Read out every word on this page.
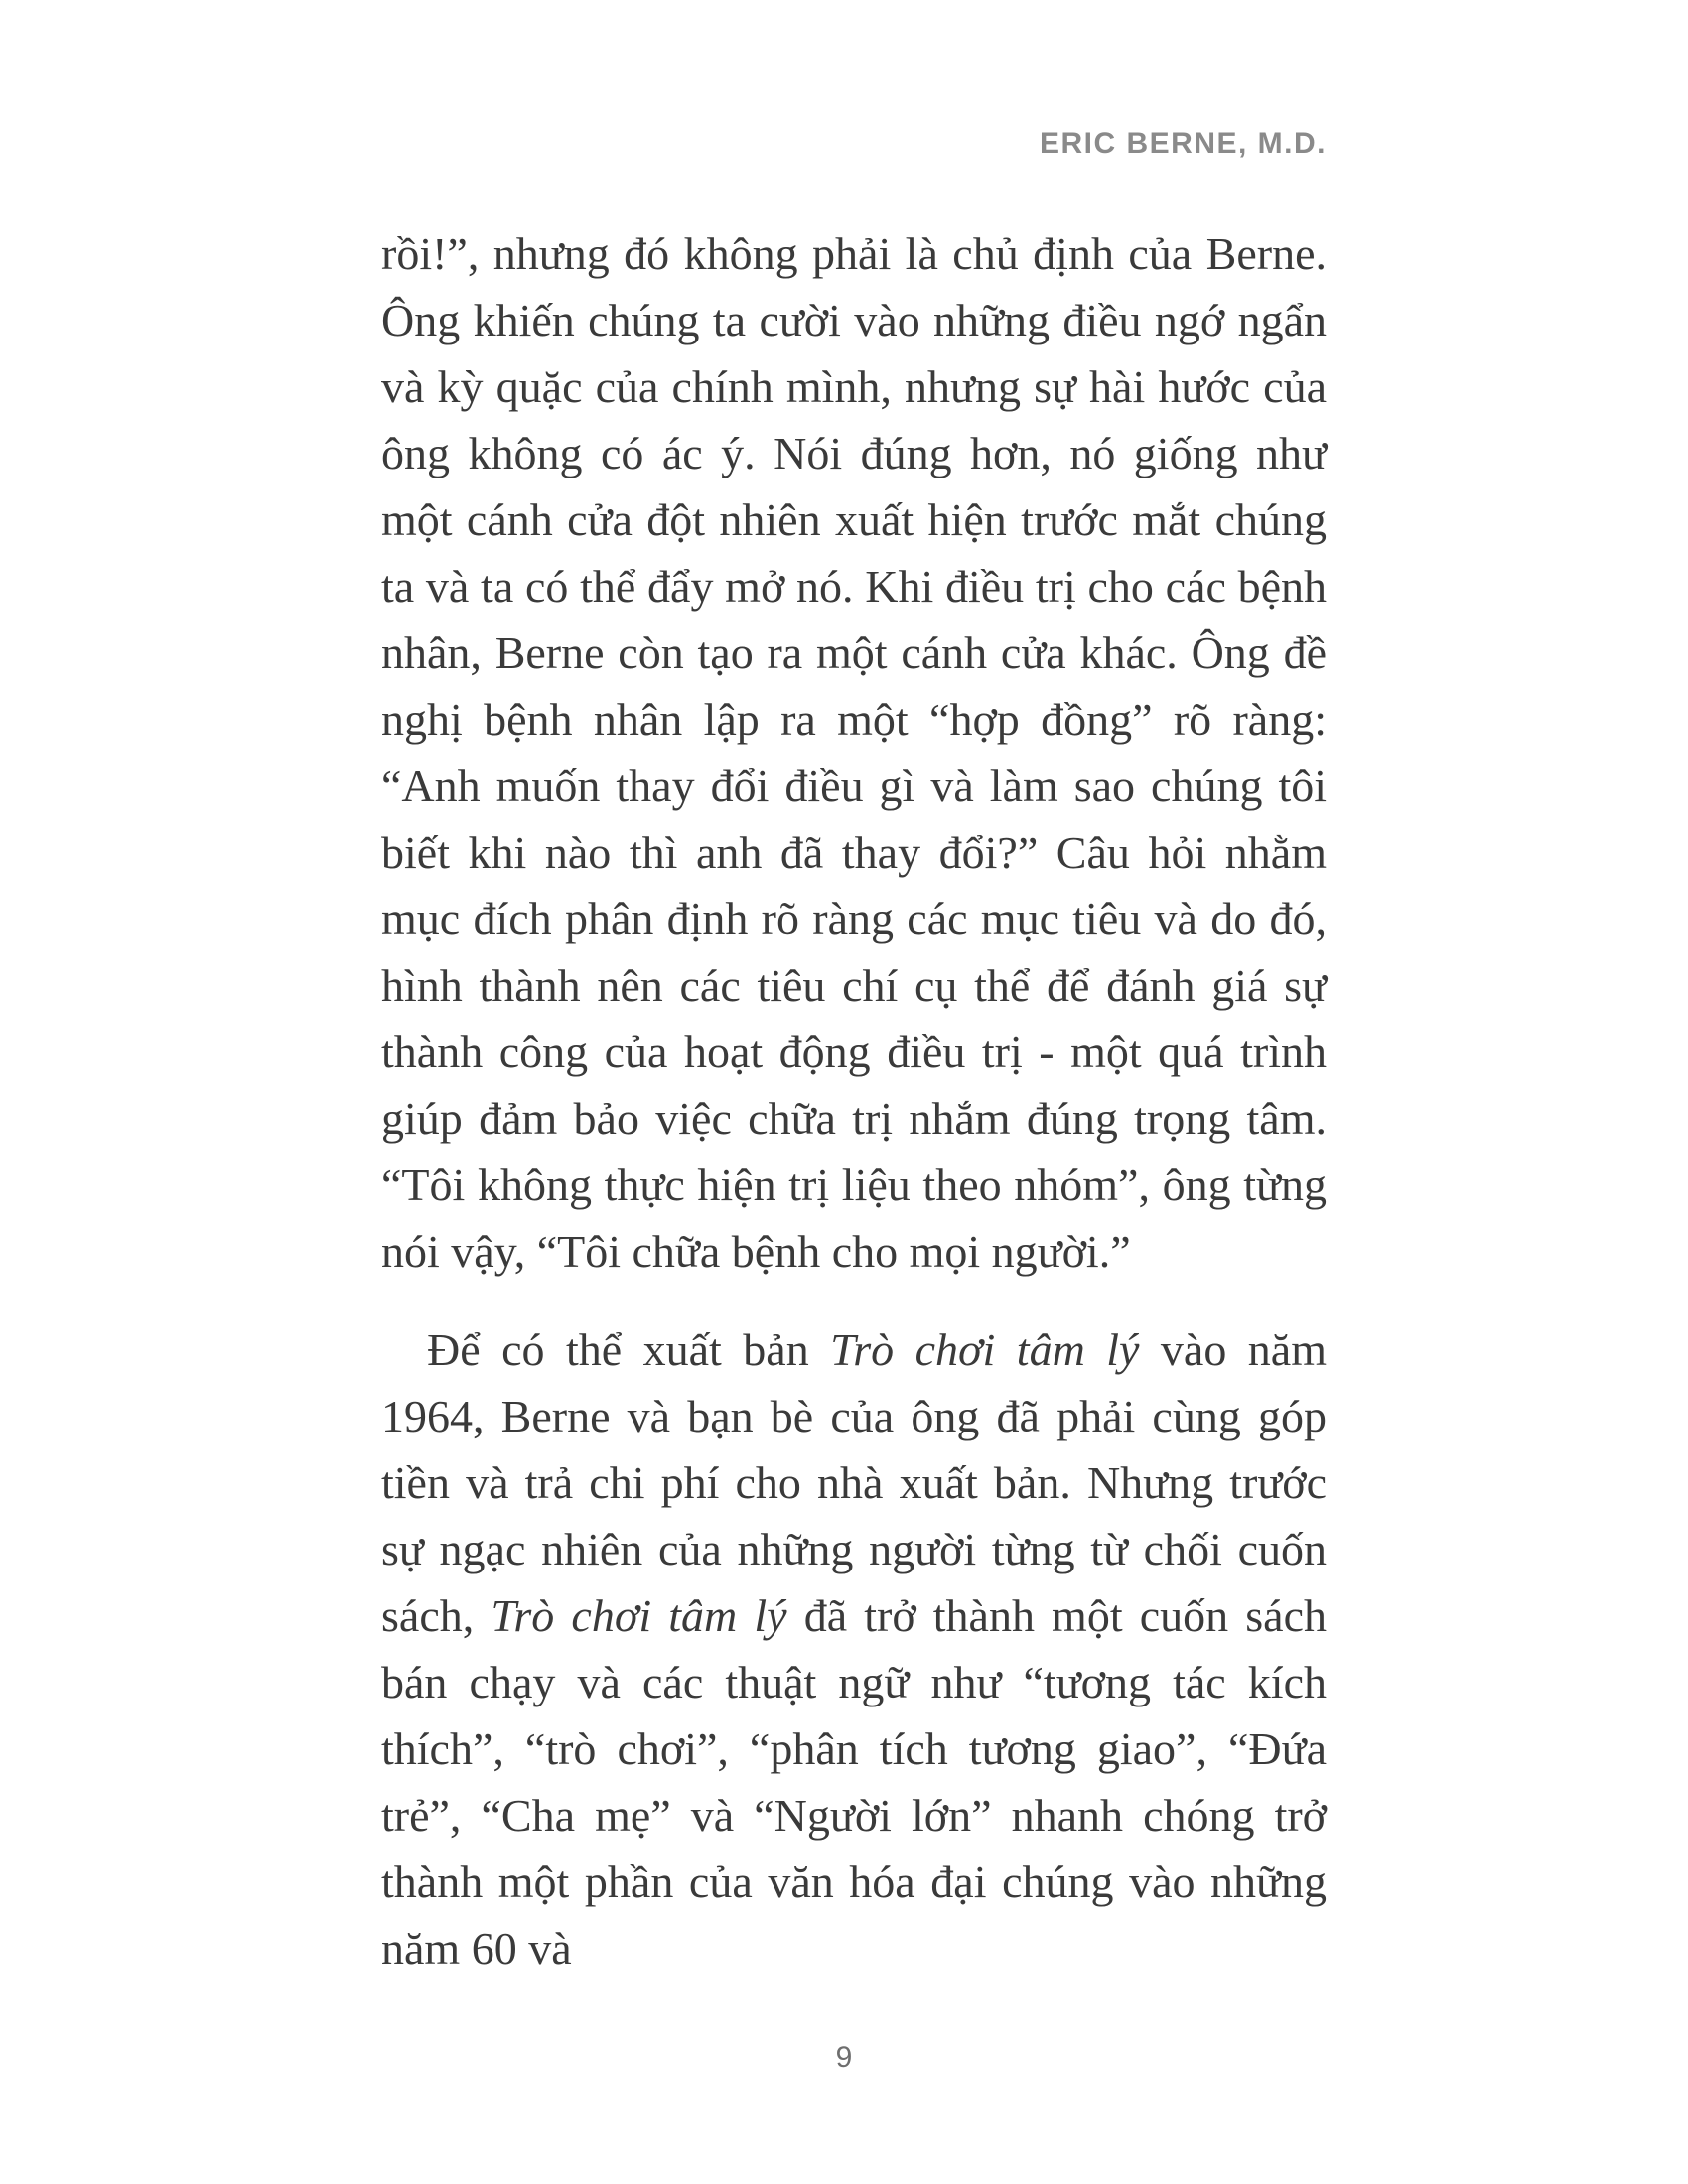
ERIC BERNE, M.D.

rồi!”, nhưng đó không phải là chủ định của Berne. Ông khiến chúng ta cười vào những điều ngớ ngẩn và kỳ quặc của chính mình, nhưng sự hài hước của ông không có ác ý. Nói đúng hơn, nó giống như một cánh cửa đột nhiên xuất hiện trước mắt chúng ta và ta có thể đẩy mở nó. Khi điều trị cho các bệnh nhân, Berne còn tạo ra một cánh cửa khác. Ông đề nghị bệnh nhân lập ra một “hợp đồng” rõ ràng: “Anh muốn thay đổi điều gì và làm sao chúng tôi biết khi nào thì anh đã thay đổi?” Câu hỏi nhằm mục đích phân định rõ ràng các mục tiêu và do đó, hình thành nên các tiêu chí cụ thể để đánh giá sự thành công của hoạt động điều trị - một quá trình giúp đảm bảo việc chữa trị nhắm đúng trọng tâm. “Tôi không thực hiện trị liệu theo nhóm”, ông từng nói vậy, “Tôi chữa bệnh cho mọi người.”

Để có thể xuất bản Trò chơi tâm lý vào năm 1964, Berne và bạn bè của ông đã phải cùng góp tiền và trả chi phí cho nhà xuất bản. Nhưng trước sự ngạc nhiên của những người từng từ chối cuốn sách, Trò chơi tâm lý đã trở thành một cuốn sách bán chạy và các thuật ngữ như “tương tác kích thích”, “trò chơi”, “phân tích tương giao”, “Đứa trẻ”, “Cha mẹ” và “Người lớn” nhanh chóng trở thành một phần của văn hóa đại chúng vào những năm 60 và

9
